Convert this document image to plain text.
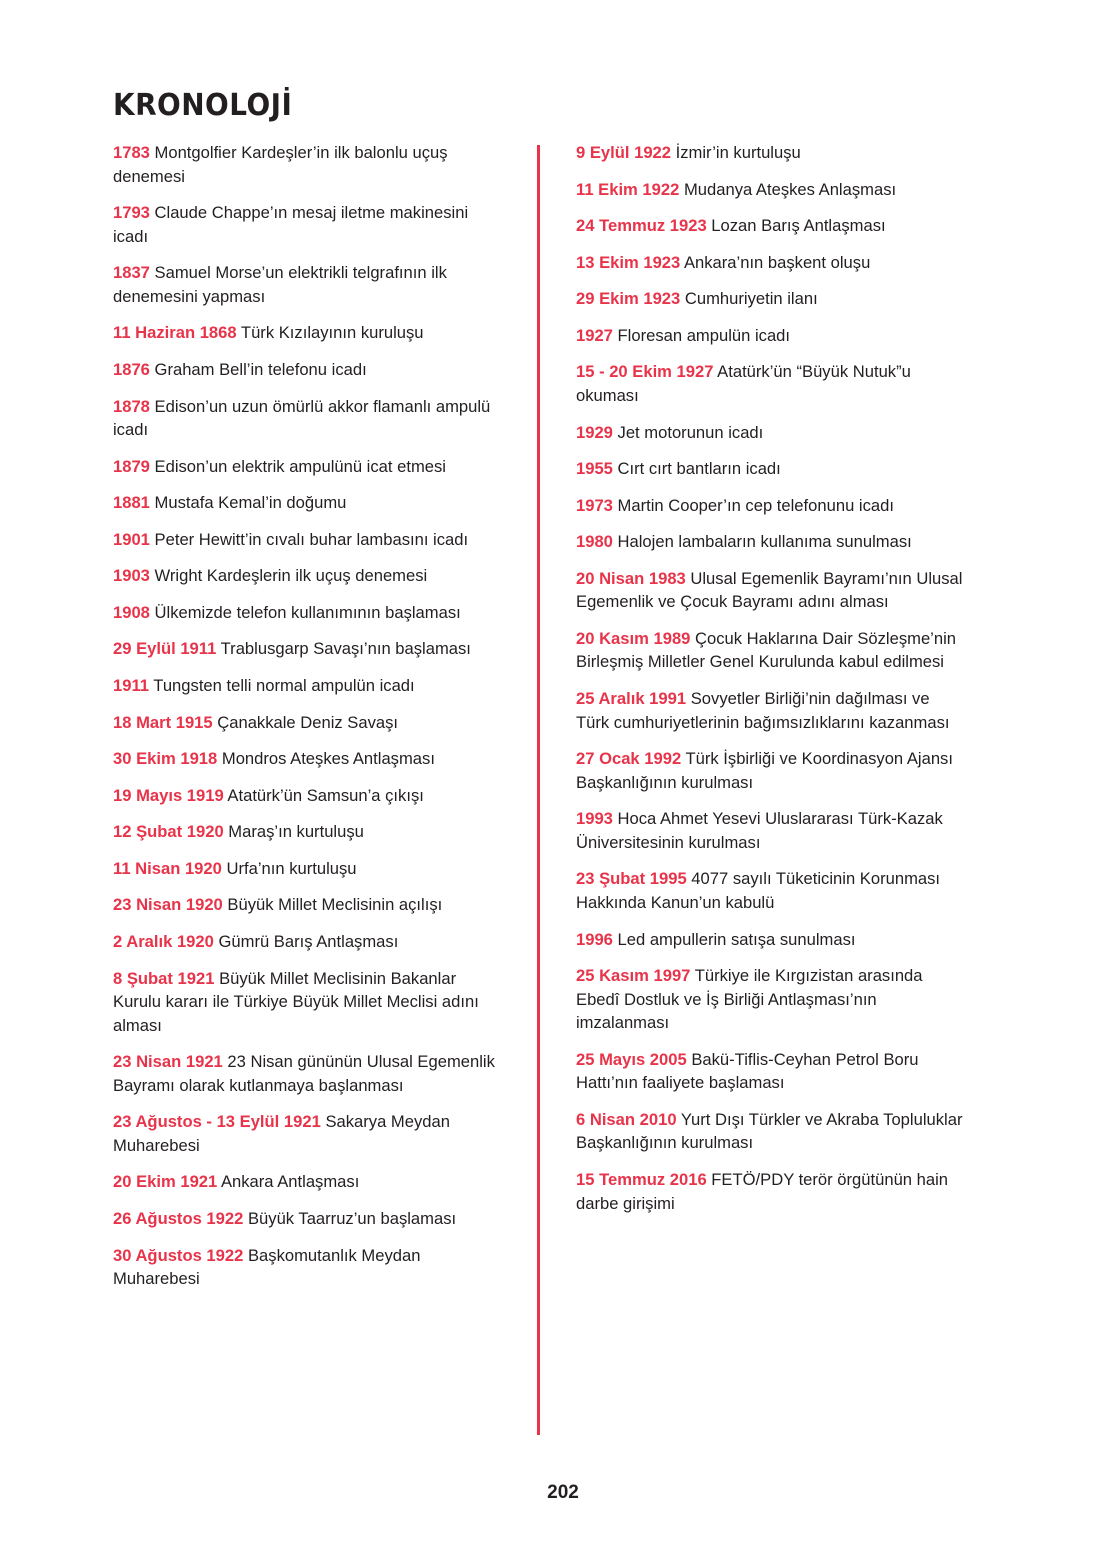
KRONOLOJİ

1783 Montgolfier Kardeşler’in ilk balonlu uçuş denemesi

1793 Claude Chappe’ın mesaj iletme makinesini icadı

1837 Samuel Morse’un elektrikli telgrafının ilk denemesini yapması

11 Haziran 1868 Türk Kızılayının kuruluşu

1876 Graham Bell’in telefonu icadı

1878 Edison’un uzun ömürlü akkor flamanlı ampulü icadı

1879 Edison’un elektrik ampulünü icat etmesi

1881 Mustafa Kemal’in doğumu

1901 Peter Hewitt’in cıvalı buhar lambasını icadı

1903 Wright Kardeşlerin ilk uçuş denemesi

1908 Ülkemizde telefon kullanımının başlaması

29 Eylül 1911 Trablusgarp Savaşı’nın başlaması

1911 Tungsten telli normal ampulün icadı

18 Mart 1915 Çanakkale Deniz Savaşı

30 Ekim 1918 Mondros Ateşkes Antlaşması

19 Mayıs 1919 Atatürk’ün Samsun’a çıkışı

12 Şubat 1920 Maraş’ın kurtuluşu

11 Nisan 1920 Urfa’nın kurtuluşu

23 Nisan 1920 Büyük Millet Meclisinin açılışı

2 Aralık 1920 Gümrü Barış Antlaşması

8 Şubat 1921 Büyük Millet Meclisinin Bakanlar Kurulu kararı ile Türkiye Büyük Millet Meclisi adını alması

23 Nisan 1921 23 Nisan gününün Ulusal Egemenlik Bayramı olarak kutlanmaya başlanması

23 Ağustos - 13 Eylül 1921 Sakarya Meydan Muharebesi

20 Ekim 1921 Ankara Antlaşması

26 Ağustos 1922 Büyük Taarruz’un başlaması

30 Ağustos 1922 Başkomutanlık Meydan Muharebesi

9 Eylül 1922 İzmir’in kurtuluşu

11 Ekim 1922 Mudanya Ateşkes Anlaşması

24 Temmuz 1923 Lozan Barış Antlaşması

13 Ekim 1923 Ankara’nın başkent oluşu

29 Ekim 1923 Cumhuriyetin ilanı

1927 Floresan ampulün icadı

15 - 20 Ekim 1927 Atatürk’ün “Büyük Nutuk”u okuması

1929 Jet motorunun icadı

1955 Cırt cırt bantların icadı

1973 Martin Cooper’ın cep telefonunu icadı

1980 Halojen lambaların kullanıma sunulması

20 Nisan 1983 Ulusal Egemenlik Bayramı’nın Ulusal Egemenlik ve Çocuk Bayramı adını alması

20 Kasım 1989 Çocuk Haklarına Dair Sözleşme’nin Birleşmiş Milletler Genel Kurulunda kabul edilmesi

25 Aralık 1991 Sovyetler Birliği’nin dağılması ve Türk cumhuriyetlerinin bağımsızlıklarını kazanması

27 Ocak 1992 Türk İşbirliği ve Koordinasyon Ajansı Başkanlığının kurulması

1993 Hoca Ahmet Yesevi Uluslararası Türk-Kazak Üniversitesinin kurulması

23 Şubat 1995 4077 sayılı Tüketicinin Korunması Hakkında Kanun’un kabulü

1996 Led ampullerin satışa sunulması

25 Kasım 1997 Türkiye ile Kırgızistan arasında Ebedî Dostluk ve İş Birliği Antlaşması’nın imzalanması

25 Mayıs 2005 Bakü-Tiflis-Ceyhan Petrol Boru Hattı’nın faaliyete başlaması

6 Nisan 2010 Yurt Dışı Türkler ve Akraba Topluluklar Başkanlığının kurulması

15 Temmuz 2016 FETÖ/PDY terör örgütünün hain darbe girişimi

202
